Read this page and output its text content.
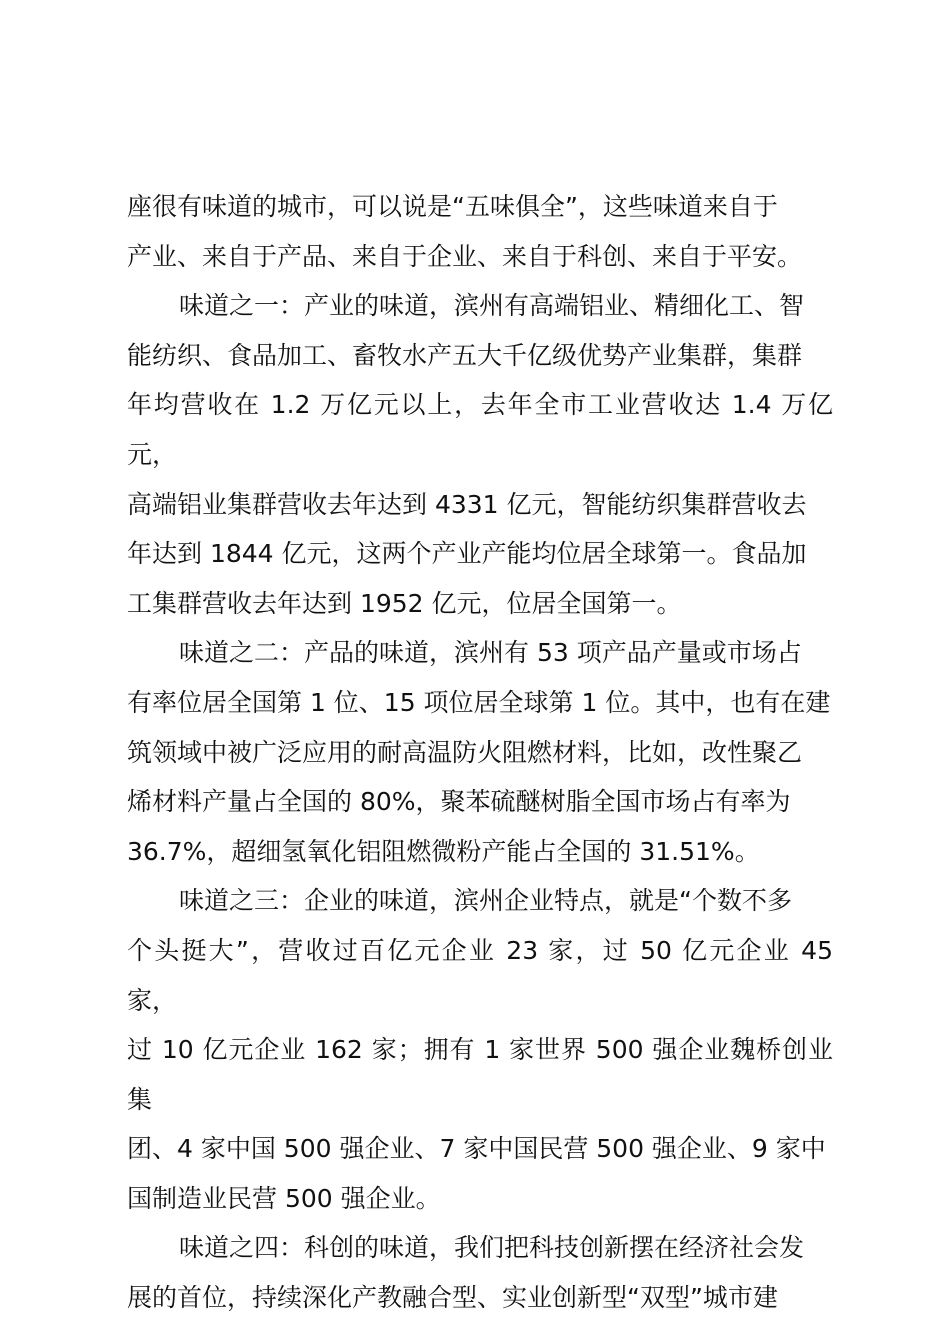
座很有味道的城市，可以说是“五味俱全”，这些味道来自于
产业、来自于产品、来自于企业、来自于科创、来自于平安。

味道之一：产业的味道，滨州有高端铝业、精细化工、智
能纺织、食品加工、畜牧水产五大千亿级优势产业集群，集群
年均营收在 1.2 万亿元以上，去年全市工业营收达 1.4 万亿元，
高端铝业集群营收去年达到 4331 亿元，智能纺织集群营收去
年达到 1844 亿元，这两个产业产能均位居全球第一。食品加
工集群营收去年达到 1952 亿元，位居全国第一。

味道之二：产品的味道，滨州有 53 项产品产量或市场占
有率位居全国第 1 位、15 项位居全球第 1 位。其中，也有在建
筑领域中被广泛应用的耐高温防火阻燃材料，比如，改性聚乙
烯材料产量占全国的 80%，聚苯硫醚树脂全国市场占有率为
36.7%，超细氢氧化铝阻燃微粉产能占全国的 31.51%。

味道之三：企业的味道，滨州企业特点，就是“个数不多
个头挺大”，营收过百亿元企业 23 家，过 50 亿元企业 45 家，
过 10 亿元企业 162 家；拥有 1 家世界 500 强企业魏桥创业集
团、4 家中国 500 强企业、7 家中国民营 500 强企业、9 家中
国制造业民营 500 强企业。

味道之四：科创的味道，我们把科技创新摆在经济社会发
展的首位，持续深化产教融合型、实业创新型“双型”城市建
